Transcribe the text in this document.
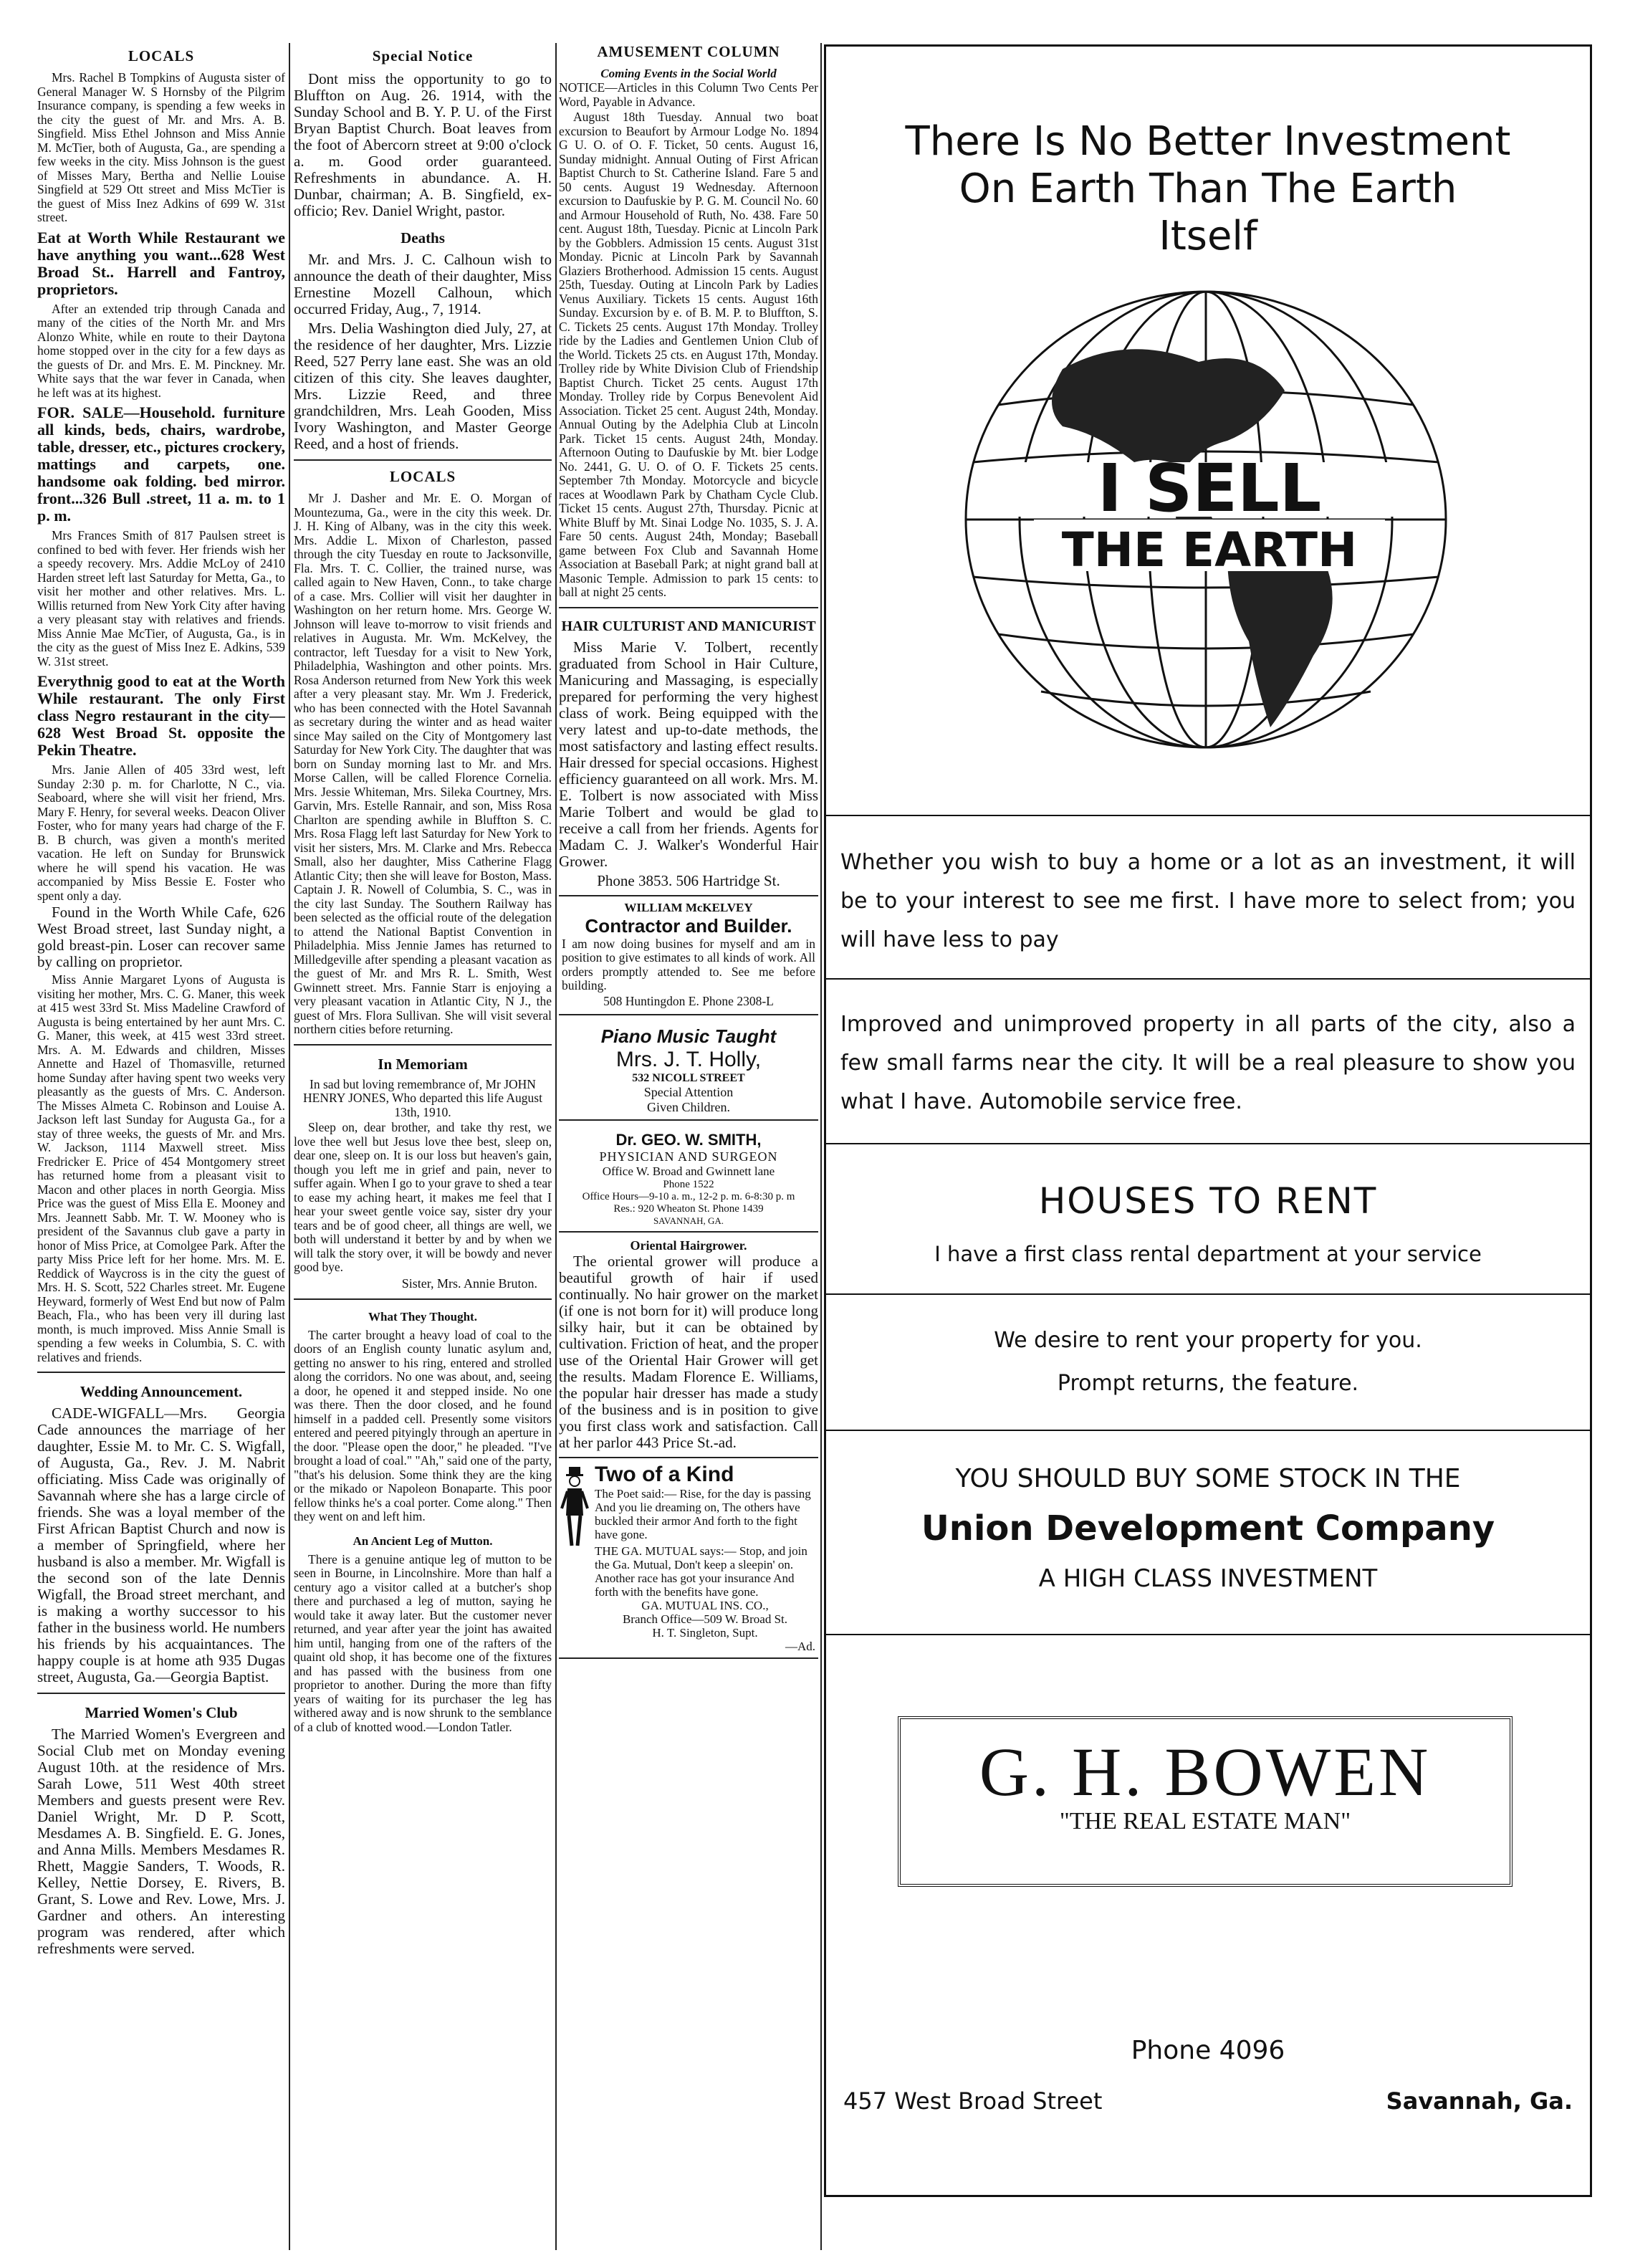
LOCALS

Mrs. Rachel B Tompkins of Augusta sister of General Manager W. S Hornsby of the Pilgrim Insurance company, is spending a few weeks in the city the guest of Mr. and Mrs. A. B. Singfield. Miss Ethel Johnson and Miss Annie M. McTier, both of Augusta, Ga., are spending a few weeks in the city. Miss Johnson is the guest of Misses Mary, Bertha and Nellie Louise Singfield at 529 Ott street and Miss McTier is the guest of Miss Inez Adkins of 699 W. 31st street.

Eat at Worth While Restaurant we have anything you want...628 West Broad St.. Harrell and Fantroy, proprietors.

After an extended trip through Canada and many of the cities of the North Mr. and Mrs Alonzo White, while en route to their Daytona home stopped over in the city for a few days as the guests of Dr. and Mrs. E. M. Pinckney. Mr. White says that the war fever in Canada, when he left was at its highest.

FOR. SALE—Household. furniture all kinds, beds, chairs, wardrobe, table, dresser, etc., pictures crockery, mattings and carpets, one. handsome oak folding. bed mirror. front...326 Bull .street, 11 a. m. to 1 p. m.

Mrs Frances Smith of 817 Paulsen street is confined to bed with fever. Her friends wish her a speedy recovery. Mrs. Addie McLoy of 2410 Harden street left last Saturday for Metta, Ga., to visit her mother and other relatives. Mrs. L. Willis returned from New York City after having a very pleasant stay with relatives and friends. Miss Annie Mae McTier, of Augusta, Ga., is in the city as the guest of Miss Inez E. Adkins, 539 W. 31st street.

Everythnig good to eat at the Worth While restaurant. The only First class Negro restaurant in the city—628 West Broad St. opposite the Pekin Theatre.

Mrs. Janie Allen of 405 33rd west, left Sunday 2:30 p. m. for Charlotte, N C., via. Seaboard, where she will visit her friend, Mrs. Mary F. Henry, for several weeks. Deacon Oliver Foster, who for many years had charge of the F. B. B church, was given a month's merited vacation. He left on Sunday for Brunswick where he will spend his vacation. He was accompanied by Miss Bessie E. Foster who spent only a day.

Found in the Worth While Cafe, 626 West Broad street, last Sunday night, a gold breast-pin. Loser can recover same by calling on proprietor.

Miss Annie Margaret Lyons of Augusta is visiting her mother, Mrs. C. G. Maner, this week at 415 west 33rd St. Miss Madeline Crawford of Augusta is being entertained by her aunt Mrs. C. G. Maner, this week, at 415 west 33rd street. Mrs. A. M. Edwards and children, Misses Annette and Hazel of Thomasville, returned home Sunday after having spent two weeks very pleasantly as the guests of Mrs. C. Anderson. The Misses Almeta C. Robinson and Louise A. Jackson left last Sunday for Augusta Ga., for a stay of three weeks, the guests of Mr. and Mrs. W. Jackson, 1114 Maxwell street. Miss Fredricker E. Price of 454 Montgomery street has returned home from a pleasant visit to Macon and other places in north Georgia. Miss Price was the guest of Miss Ella E. Mooney and Mrs. Jeannett Sabb. Mr. T. W. Mooney who is president of the Savannus club gave a party in honor of Miss Price, at Comolgee Park. After the party Miss Price left for her home. Mrs. M. E. Reddick of Waycross is in the city the guest of Mrs. H. S. Scott, 522 Charles street. Mr. Eugene Heyward, formerly of West End but now of Palm Beach, Fla., who has been very ill during last month, is much improved. Miss Annie Small is spending a few weeks in Columbia, S. C. with relatives and friends.

Wedding Announcement.

CADE-WIGFALL—Mrs. Georgia Cade announces the marriage of her daughter, Essie M. to Mr. C. S. Wigfall, of Augusta, Ga., Rev. J. M. Nabrit officiating. Miss Cade was originally of Savannah where she has a large circle of friends. She was a loyal member of the First African Baptist Church and now is a member of Springfield, where her husband is also a member. Mr. Wigfall is the second son of the late Dennis Wigfall, the Broad street merchant, and is making a worthy successor to his father in the business world. He numbers his friends by his acquaintances. The happy couple is at home ath 935 Dugas street, Augusta, Ga.—Georgia Baptist.

Married Women's Club

The Married Women's Evergreen and Social Club met on Monday evening August 10th. at the residence of Mrs. Sarah Lowe, 511 West 40th street Members and guests present were Rev. Daniel Wright, Mr. D P. Scott, Mesdames A. B. Singfield. E. G. Jones, and Anna Mills. Members Mesdames R. Rhett, Maggie Sanders, T. Woods, R. Kelley, Nettie Dorsey, E. Rivers, B. Grant, S. Lowe and Rev. Lowe, Mrs. J. Gardner and others. An interesting program was rendered, after which refreshments were served.

Special Notice

Dont miss the opportunity to go to Bluffton on Aug. 26. 1914, with the Sunday School and B. Y. P. U. of the First Bryan Baptist Church. Boat leaves from the foot of Abercorn street at 9:00 o'clock a. m. Good order guaranteed. Refreshments in abundance. A. H. Dunbar, chairman; A. B. Singfield, ex-officio; Rev. Daniel Wright, pastor.

Deaths

Mr. and Mrs. J. C. Calhoun wish to announce the death of their daughter, Miss Ernestine Mozell Calhoun, which occurred Friday, Aug., 7, 1914.

Mrs. Delia Washington died July, 27, at the residence of her daughter, Mrs. Lizzie Reed, 527 Perry lane east. She was an old citizen of this city. She leaves daughter, Mrs. Lizzie Reed, and three grandchildren, Mrs. Leah Gooden, Miss Ivory Washington, and Master George Reed, and a host of friends.

LOCALS

Mr J. Dasher and Mr. E. O. Morgan of Mountezuma, Ga., were in the city this week. Dr. J. H. King of Albany, was in the city this week. Mrs. Addie L. Mixon of Charleston, passed through the city Tuesday en route to Jacksonville, Fla. Mrs. T. C. Collier, the trained nurse, was called again to New Haven, Conn., to take charge of a case. Mrs. Collier will visit her daughter in Washington on her return home. Mrs. George W. Johnson will leave to-morrow to visit friends and relatives in Augusta. Mr. Wm. McKelvey, the contractor, left Tuesday for a visit to New York, Philadelphia, Washington and other points. Mrs. Rosa Anderson returned from New York this week after a very pleasant stay. Mr. Wm J. Frederick, who has been connected with the Hotel Savannah as secretary during the winter and as head waiter since May sailed on the City of Montgomery last Saturday for New York City. The daughter that was born on Sunday morning last to Mr. and Mrs. Morse Callen, will be called Florence Cornelia. Mrs. Jessie Whiteman, Mrs. Sileka Courtney, Mrs. Garvin, Mrs. Estelle Rannair, and son, Miss Rosa Charlton are spending awhile in Bluffton S. C. Mrs. Rosa Flagg left last Saturday for New York to visit her sisters, Mrs. M. Clarke and Mrs. Rebecca Small, also her daughter, Miss Catherine Flagg Atlantic City; then she will leave for Boston, Mass. Captain J. R. Nowell of Columbia, S. C., was in the city last Sunday. The Southern Railway has been selected as the official route of the delegation to attend the National Baptist Convention in Philadelphia. Miss Jennie James has returned to Milledgeville after spending a pleasant vacation as the guest of Mr. and Mrs R. L. Smith, West Gwinnett street. Mrs. Fannie Starr is enjoying a very pleasant vacation in Atlantic City, N J., the guest of Mrs. Flora Sullivan. She will visit several northern cities before returning.

In Memoriam

In sad but loving remembrance of, Mr JOHN HENRY JONES, Who departed this life August 13th, 1910.

Sleep on, dear brother, and take thy rest, we love thee well but Jesus love thee best, sleep on, dear one, sleep on. It is our loss but heaven's gain, though you left me in grief and pain, never to suffer again. When I go to your grave to shed a tear to ease my aching heart, it makes me feel that I hear your sweet gentle voice say, sister dry your tears and be of good cheer, all things are well, we both will understand it better by and by when we will talk the story over, it will be bowdy and never good bye.

Sister, Mrs. Annie Bruton.
What They Thought.

The carter brought a heavy load of coal to the doors of an English county lunatic asylum and, getting no answer to his ring, entered and strolled along the corridors. No one was about, and, seeing a door, he opened it and stepped inside. No one was there. Then the door closed, and he found himself in a padded cell. Presently some visitors entered and peered pityingly through an aperture in the door. "Please open the door," he pleaded. "I've brought a load of coal." "Ah," said one of the party, "that's his delusion. Some think they are the king or the mikado or Napoleon Bonaparte. This poor fellow thinks he's a coal porter. Come along." Then they went on and left him.

An Ancient Leg of Mutton.

There is a genuine antique leg of mutton to be seen in Bourne, in Lincolnshire. More than half a century ago a visitor called at a butcher's shop there and purchased a leg of mutton, saying he would take it away later. But the customer never returned, and year after year the joint has awaited him until, hanging from one of the rafters of the quaint old shop, it has become one of the fixtures and has passed with the business from one proprietor to another. During the more than fifty years of waiting for its purchaser the leg has withered away and is now shrunk to the semblance of a club of knotted wood.—London Tatler.

AMUSEMENT COLUMN
Coming Events in the Social World

NOTICE—Articles in this Column Two Cents Per Word, Payable in Advance.

August 18th Tuesday. Annual two boat excursion to Beaufort by Armour Lodge No. 1894 G U. O. of O. F. Ticket, 50 cents. August 16, Sunday midnight. Annual Outing of First African Baptist Church to St. Catherine Island. Fare 5 and 50 cents. August 19 Wednesday. Afternoon excursion to Daufuskie by P. G. M. Council No. 60 and Armour Household of Ruth, No. 438. Fare 50 cent. August 18th, Tuesday. Picnic at Lincoln Park by the Gobblers. Admission 15 cents. August 31st Monday. Picnic at Lincoln Park by Savannah Glaziers Brotherhood. Admission 15 cents. August 25th, Tuesday. Outing at Lincoln Park by Ladies Venus Auxiliary. Tickets 15 cents. August 16th Sunday. Excursion by e. of B. M. P. to Bluffton, S. C. Tickets 25 cents. August 17th Monday. Trolley ride by the Ladies and Gentlemen Union Club of the World. Tickets 25 cts. en August 17th, Monday. Trolley ride by White Division Club of Friendship Baptist Church. Ticket 25 cents. August 17th Monday. Trolley ride by Corpus Benevolent Aid Association. Ticket 25 cent. August 24th, Monday. Annual Outing by the Adelphia Club at Lincoln Park. Ticket 15 cents. August 24th, Monday. Afternoon Outing to Daufuskie by Mt. bier Lodge No. 2441, G. U. O. of O. F. Tickets 25 cents. September 7th Monday. Motorcycle and bicycle races at Woodlawn Park by Chatham Cycle Club. Ticket 15 cents. August 27th, Thursday. Picnic at White Bluff by Mt. Sinai Lodge No. 1035, S. J. A. Fare 50 cents. August 24th, Monday; Baseball game between Fox Club and Savannah Home Association at Baseball Park; at night grand ball at Masonic Temple. Admission to park 15 cents: to ball at night 25 cents.

HAIR CULTURIST AND MANICURIST

Miss Marie V. Tolbert, recently graduated from School in Hair Culture, Manicuring and Massaging, is especially prepared for performing the very highest class of work. Being equipped with the very latest and up-to-date methods, the most satisfactory and lasting effect results. Hair dressed for special occasions. Highest efficiency guaranteed on all work. Mrs. M. E. Tolbert is now associated with Miss Marie Tolbert and would be glad to receive a call from her friends. Agents for Madam C. J. Walker's Wonderful Hair Grower.

Phone 3853. 506 Hartridge St.

WILLIAM McKELVEY
Contractor and Builder.

I am now doing busines for myself and am in position to give estimates to all kinds of work. All orders promptly attended to. See me before building.

508 Huntingdon E. Phone 2308-L
Piano Music Taught
Mrs. J. T. Holly,
532 NICOLL STREET
Special Attention
Given Children.
Dr. GEO. W. SMITH,
PHYSICIAN AND SURGEON
Office W. Broad and Gwinnett lane
Phone 1522
Office Hours—9-10 a. m., 12-2 p. m. 6-8:30 p. m
Res.: 920 Wheaton St. Phone 1439
SAVANNAH, GA.
Oriental Hairgrower.

The oriental grower will produce a beautiful growth of hair if used continually. No hair grower on the market (if one is not born for it) will produce long silky hair, but it can be obtained by cultivation. Friction of heat, and the proper use of the Oriental Hair Grower will get the results. Madam Florence E. Williams, the popular hair dresser has made a study of the business and is in position to give you first class work and satisfaction. Call at her parlor 443 Price St.-ad.

Two of a Kind

The Poet said:— Rise, for the day is passing And you lie dreaming on, The others have buckled their armor And forth to the fight have gone.

THE GA. MUTUAL says:— Stop, and join the Ga. Mutual, Don't keep a sleepin' on. Another race has got your insurance And forth with the benefits have gone.

GA. MUTUAL INS. CO.,
Branch Office—509 W. Broad St.
H. T. Singleton, Supt.
—Ad.
There Is No Better Investment
On Earth Than The Earth
Itself
I SELL
THE EARTH
Whether you wish to buy a home or a lot as an investment, it will be to your interest to see me first. I have more to select from; you will have less to pay
Improved and unimproved property in all parts of the city, also a few small farms near the city. It will be a real pleasure to show you what I have. Automobile service free.
HOUSES TO RENT
I have a first class rental department at your service
We desire to rent your property for you.
Prompt returns, the feature.
YOU SHOULD BUY SOME STOCK IN THE
Union Development Company
A HIGH CLASS INVESTMENT
G. H. BOWEN
"THE REAL ESTATE MAN"
Phone 4096
457 West Broad Street	Savannah, Ga.
